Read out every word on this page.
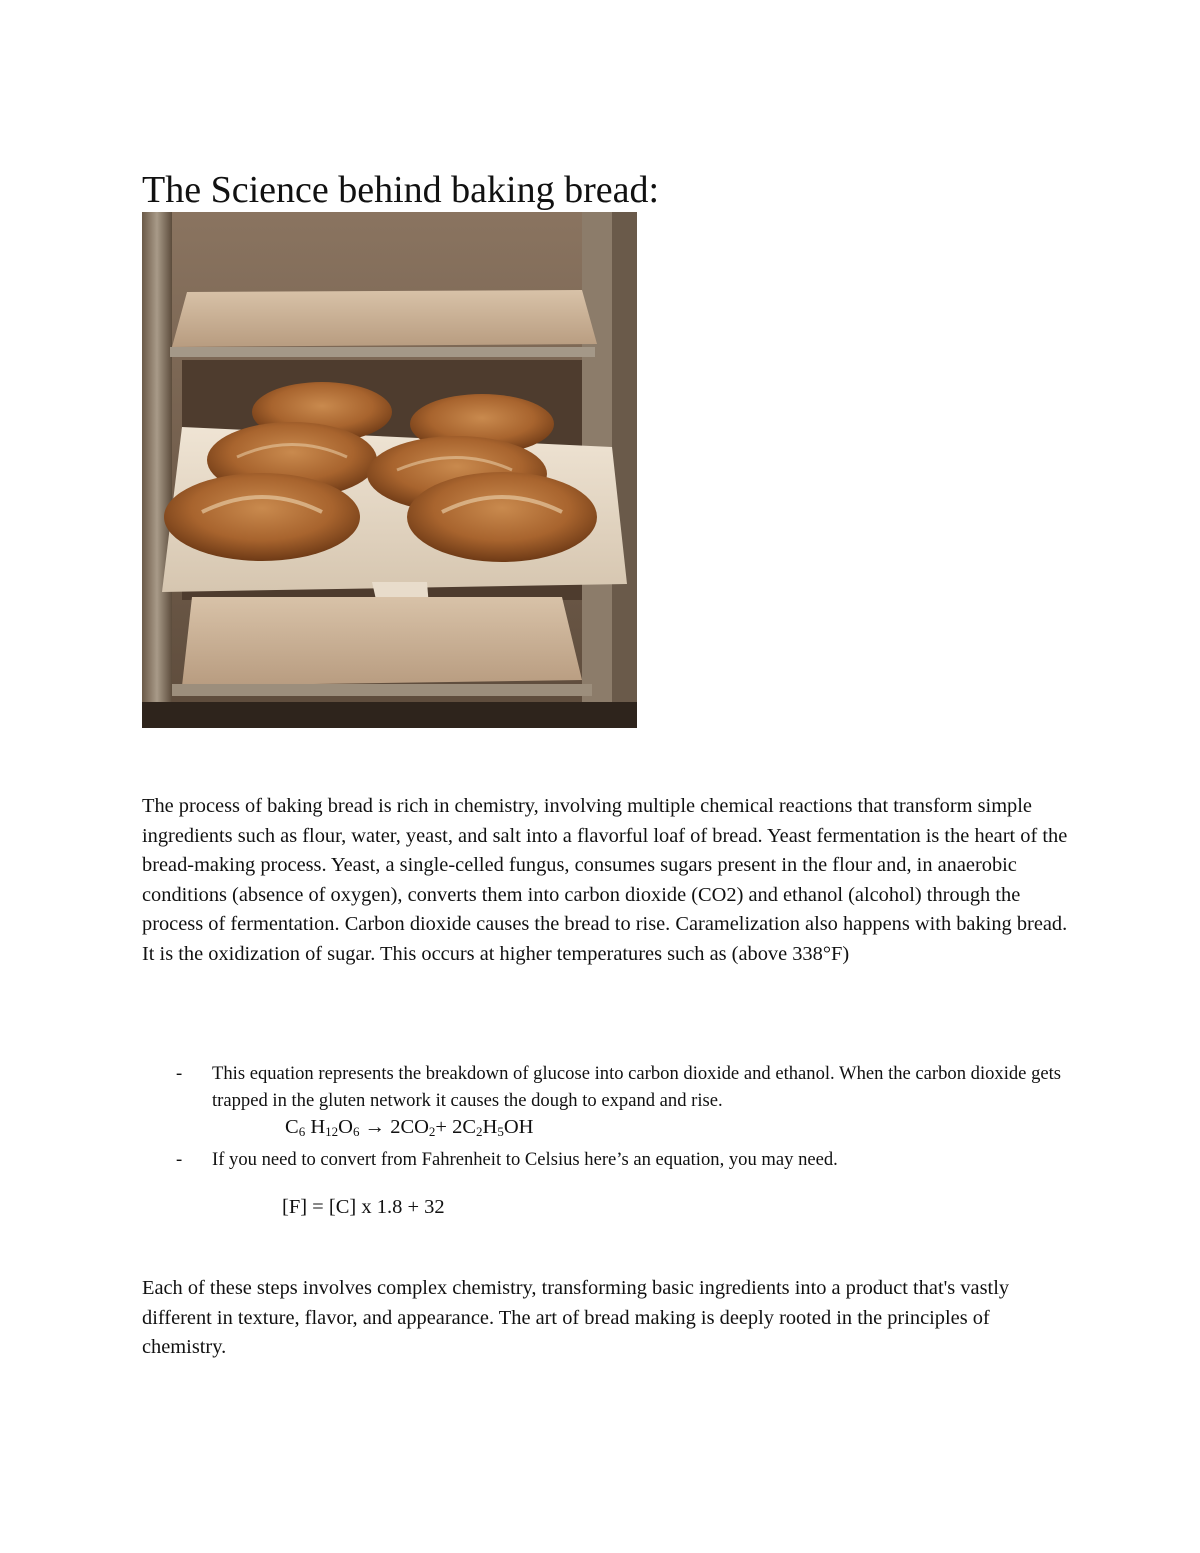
The Science behind baking bread:

The process of baking bread is rich in chemistry, involving multiple chemical reactions that transform simple ingredients such as flour, water, yeast, and salt into a flavorful loaf of bread. Yeast fermentation is the heart of the bread-making process. Yeast, a single-celled fungus, consumes sugars present in the flour and, in anaerobic conditions (absence of oxygen), converts them into carbon dioxide (CO2) and ethanol (alcohol) through the process of fermentation. Carbon dioxide causes the bread to rise. Caramelization also happens with baking bread. It is the oxidization of sugar. This occurs at higher temperatures such as (above 338°F)

- This equation represents the breakdown of glucose into carbon dioxide and ethanol. When the carbon dioxide gets trapped in the gluten network it causes the dough to expand and rise.
$C_6$ $H_{12}O_6 \to 2CO_2+ 2C_2H_5OH$
- If you need to convert from Fahrenheit to Celsius here’s an equation, you may need.
[F] = [C] x 1.8 + 32

Each of these steps involves complex chemistry, transforming basic ingredients into a product that's vastly different in texture, flavor, and appearance. The art of bread making is deeply rooted in the principles of chemistry.
